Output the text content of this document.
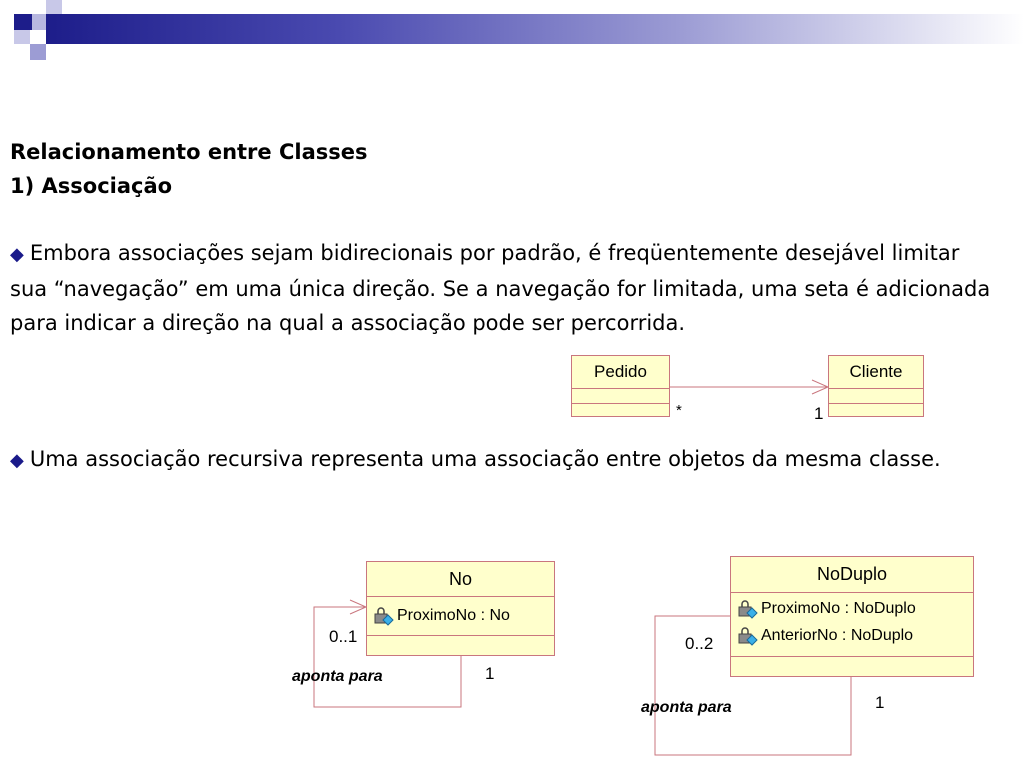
Relacionamento entre Classes
1) Associação

◆ Embora associações sejam bidirecionais por padrão, é freqüentemente desejável limitar sua “navegação” em uma única direção. Se a navegação for limitada, uma seta é adicionada para indicar a direção na qual a associação pode ser percorrida.

◆ Uma associação recursiva representa uma associação entre objetos da mesma classe.

Pedido	Cliente
*	1
No
ProximoNo : No
0..1
1
aponta para
NoDuplo
ProximoNo : NoDuplo
AnteriorNo : NoDuplo
0..2
1
aponta para
